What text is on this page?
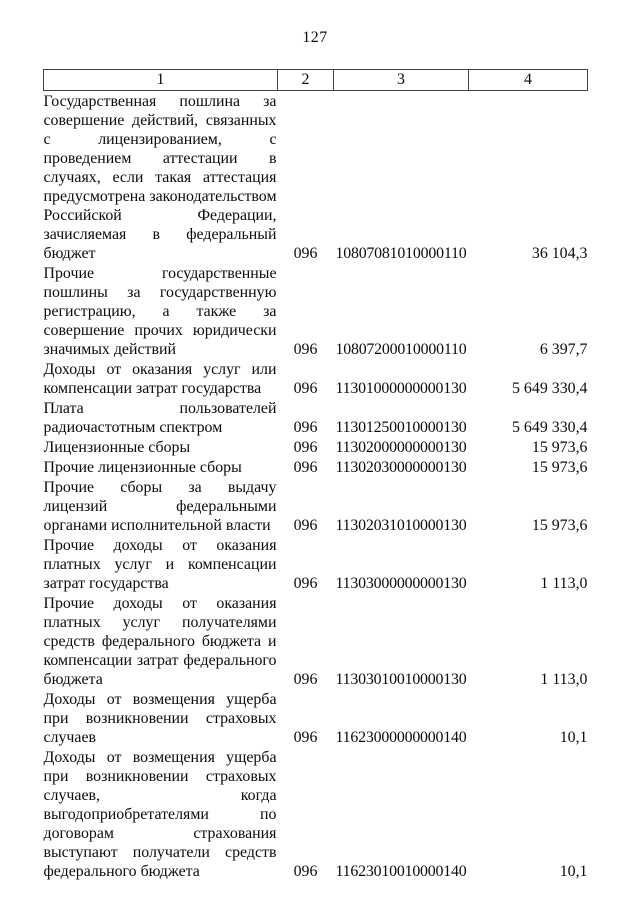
127
1	2	3	4
Государственная пошлина за совершение действий, связанных с лицензированием, с проведением аттестации в случаях, если такая аттестация предусмотрена законодательством Российской Федерации, зачисляемая в федеральный бюджет	096	10807081010000110	36 104,3
Прочие государственные пошлины за государственную регистрацию, а также за совершение прочих юридически значимых действий	096	10807200010000110	6 397,7
Доходы от оказания услуг или компенсации затрат государства	096	11301000000000130	5 649 330,4
Плата пользователей радиочастотным спектром	096	11301250010000130	5 649 330,4
Лицензионные сборы	096	11302000000000130	15 973,6
Прочие лицензионные сборы	096	11302030000000130	15 973,6
Прочие сборы за выдачу лицензий федеральными органами исполнительной власти	096	11302031010000130	15 973,6
Прочие доходы от оказания платных услуг и компенсации затрат государства	096	11303000000000130	1 113,0
Прочие доходы от оказания платных услуг получателями средств федерального бюджета и компенсации затрат федерального бюджета	096	11303010010000130	1 113,0
Доходы от возмещения ущерба при возникновении страховых случаев	096	11623000000000140	10,1
Доходы от возмещения ущерба при возникновении страховых случаев, когда выгодоприобретателями по договорам страхования выступают получатели средств федерального бюджета	096	11623010010000140	10,1
